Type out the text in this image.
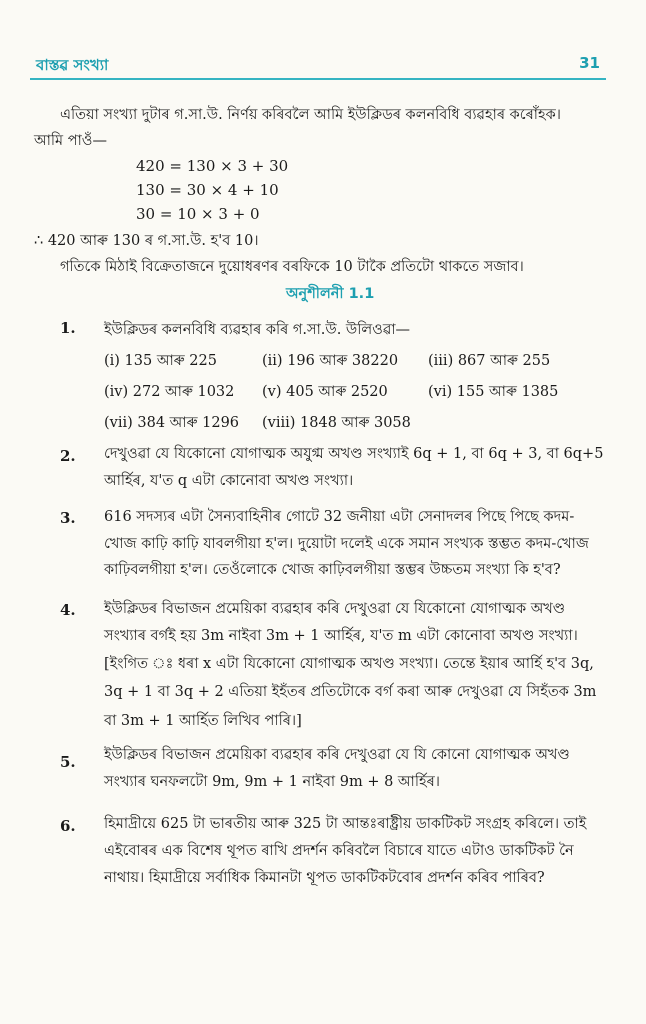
বাস্তৱ সংখ্যা	31
এতিয়া সংখ্যা দুটাৰ গ.সা.উ. নিৰ্ণয় কৰিবলৈ আমি ইউক্লিডৰ কলনবিধি ব্যৱহাৰ কৰোঁহক।
আমি পাওঁ—
420 = 130 × 3 + 30
130 = 30 × 4 + 10
30 = 10 × 3 + 0
∴ 420 আৰু 130 ৰ গ.সা.উ. হ'ব 10।
গতিকে মিঠাই বিক্ৰেতাজনে দুয়োধৰণৰ বৰফিকে 10 টাকৈ প্ৰতিটো থাকতে সজাব।
অনুশীলনী 1.1
1. ইউক্লিডৰ কলনবিধি ব্যৱহাৰ কৰি গ.সা.উ. উলিওৱা—
(i) 135 আৰু 225	(ii) 196 আৰু 38220 (iii) 867 আৰু 255
(iv) 272 আৰু 1032 (v) 405 আৰু 2520	(vi) 155 আৰু 1385
(vii) 384 আৰু 1296 (viii) 1848 আৰু 3058
2. দেখুওৱা যে যিকোনো যোগাত্মক অযুগ্ম অখণ্ড সংখ্যাই 6q + 1, বা 6q + 3, বা 6q+5
আৰ্হিৰ, য'ত q এটা কোনোবা অখণ্ড সংখ্যা।
3. 616 সদস্যৰ এটা সৈন্যবাহিনীৰ গোটে 32 জনীয়া এটা সেনাদলৰ পিছে পিছে কদম-
খোজ কাঢ়ি কাঢ়ি যাবলগীয়া হ'ল। দুয়োটা দলেই একে সমান সংখ্যক স্তম্ভত কদম-খোজ
কাঢ়িবলগীয়া হ'ল। তেওঁলোকে খোজ কাঢ়িবলগীয়া স্তম্ভৰ উচ্চতম সংখ্যা কি হ'ব?
4. ইউক্লিডৰ বিভাজন প্ৰমেয়িকা ব্যৱহাৰ কৰি দেখুওৱা যে যিকোনো যোগাত্মক অখণ্ড
সংখ্যাৰ বৰ্গই হয় 3m নাইবা 3m + 1 আৰ্হিৰ, য'ত m এটা কোনোবা অখণ্ড সংখ্যা।
[ইংগিত ঃ ধৰা x এটা যিকোনো যোগাত্মক অখণ্ড সংখ্যা। তেন্তে ইয়াৰ আৰ্হি হ'ব 3q,
3q + 1 বা 3q + 2 এতিয়া ইহঁতৰ প্ৰতিটোকে বৰ্গ কৰা আৰু দেখুওৱা যে সিহঁতক 3m
বা 3m + 1 আৰ্হিত লিখিব পাৰি।]
5. ইউক্লিডৰ বিভাজন প্ৰমেয়িকা ব্যৱহাৰ কৰি দেখুওৱা যে যি কোনো যোগাত্মক অখণ্ড
সংখ্যাৰ ঘনফলটো 9m, 9m + 1 নাইবা 9m + 8 আৰ্হিৰ।
6. হিমাদ্ৰীয়ে 625 টা ভাৰতীয় আৰু 325 টা আন্তঃৰাষ্ট্ৰীয় ডাকটিকট সংগ্ৰহ কৰিলে। তাই
এইবোৰৰ এক বিশেষ থূপত ৰাখি প্ৰদৰ্শন কৰিবলৈ বিচাৰে যাতে এটাও ডাকটিকট নৈ
নাথায়। হিমাদ্ৰীয়ে সৰ্বাধিক কিমানটা থূপত ডাকটিকটবোৰ প্ৰদৰ্শন কৰিব পাৰিব?
